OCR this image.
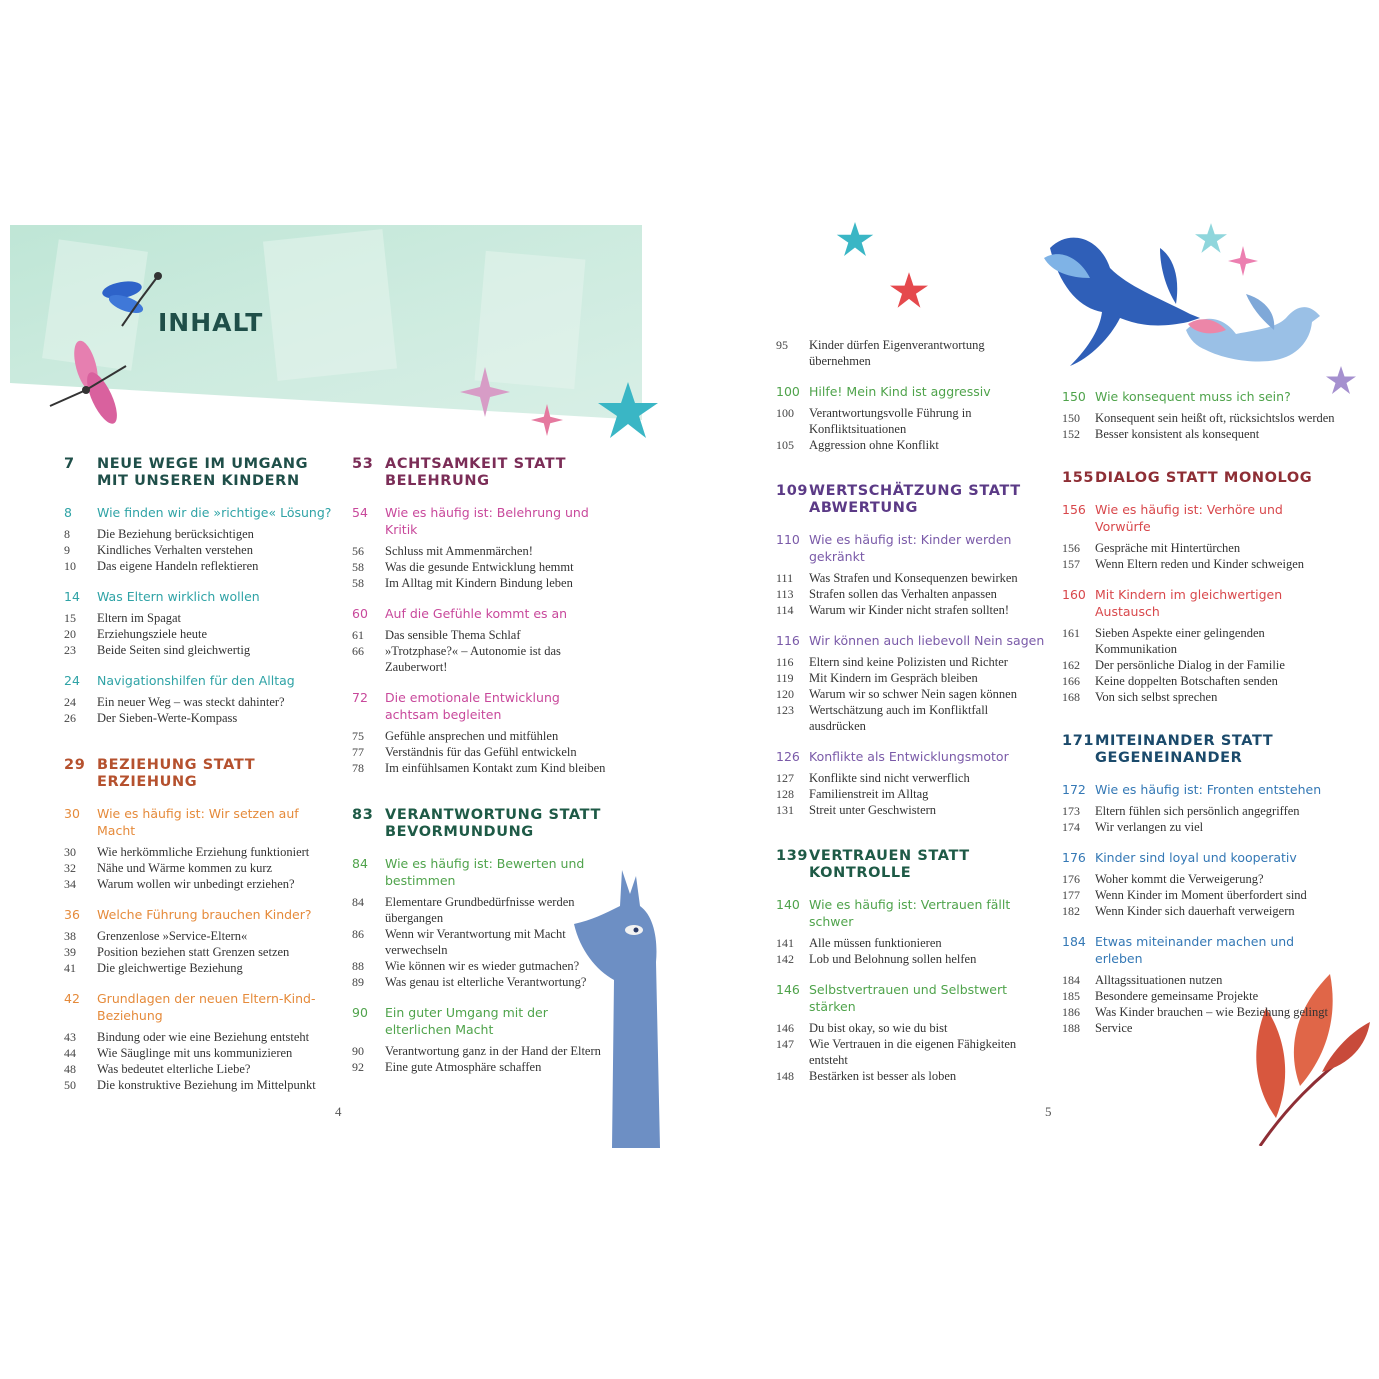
INHALT
7	NEUE WEGE IM UMGANG MIT UNSEREN KINDERN
8	Wie finden wir die »richtige« Lösung?
8	Die Beziehung berücksichtigen
9	Kindliches Verhalten verstehen
10	Das eigene Handeln reflektieren
14	Was Eltern wirklich wollen
15	Eltern im Spagat
20	Erziehungsziele heute
23	Beide Seiten sind gleichwertig
24	Navigationshilfen für den Alltag
24	Ein neuer Weg – was steckt dahinter?
26	Der Sieben-Werte-Kompass
29 BEZIEHUNG STATT ERZIEHUNG
30	Wie es häufig ist: Wir setzen auf Macht
30	Wie herkömmliche Erziehung funktioniert
32	Nähe und Wärme kommen zu kurz
34	Warum wollen wir unbedingt erziehen?
36	Welche Führung brauchen Kinder?
38	Grenzenlose »Service-Eltern«
39	Position beziehen statt Grenzen setzen
41	Die gleichwertige Beziehung
42	Grundlagen der neuen Eltern-Kind-Beziehung
43	Bindung oder wie eine Beziehung entsteht
44	Wie Säuglinge mit uns kommunizieren
48	Was bedeutet elterliche Liebe?
50	Die konstruktive Beziehung im Mittelpunkt
53 ACHTSAMKEIT STATT BELEHRUNG
54	Wie es häufig ist: Belehrung und Kritik
56	Schluss mit Ammenmärchen!
58	Was die gesunde Entwicklung hemmt
58	Im Alltag mit Kindern Bindung leben
60	Auf die Gefühle kommt es an
61	Das sensible Thema Schlaf
66	»Trotzphase?« – Autonomie ist das Zauberwort!
72	Die emotionale Entwicklung achtsam begleiten
75	Gefühle ansprechen und mitfühlen
77	Verständnis für das Gefühl entwickeln
78	Im einfühlsamen Kontakt zum Kind bleiben
83 VERANTWORTUNG STATT BEVORMUNDUNG
84	Wie es häufig ist: Bewerten und bestimmen
84	Elementare Grundbedürfnisse werden übergangen
86	Wenn wir Verantwortung mit Macht verwechseln
88	Wie können wir es wieder gutmachen?
89	Was genau ist elterliche Verantwortung?
90	Ein guter Umgang mit der elterlichen Macht
90	Verantwortung ganz in der Hand der Eltern
92	Eine gute Atmosphäre schaffen
95	Kinder dürfen Eigenverantwortung übernehmen
100 Hilfe! Mein Kind ist aggressiv
100	Verantwortungsvolle Führung in Konfliktsituationen
105	Aggression ohne Konflikt
109 WERTSCHÄTZUNG STATT ABWERTUNG
110 Wie es häufig ist: Kinder werden gekränkt
111	Was Strafen und Konsequenzen bewirken
113	Strafen sollen das Verhalten anpassen
114	Warum wir Kinder nicht strafen sollten!
116 Wir können auch liebevoll Nein sagen
116	Eltern sind keine Polizisten und Richter
119	Mit Kindern im Gespräch bleiben
120	Warum wir so schwer Nein sagen können
123	Wertschätzung auch im Konfliktfall ausdrücken
126 Konflikte als Entwicklungsmotor
127	Konflikte sind nicht verwerflich
128	Familienstreit im Alltag
131	Streit unter Geschwistern
139 VERTRAUEN STATT KONTROLLE
140 Wie es häufig ist: Vertrauen fällt schwer
141	Alle müssen funktionieren
142	Lob und Belohnung sollen helfen
146 Selbstvertrauen und Selbstwert stärken
146	Du bist okay, so wie du bist
147	Wie Vertrauen in die eigenen Fähigkeiten entsteht
148	Bestärken ist besser als loben
150 Wie konsequent muss ich sein?
150	Konsequent sein heißt oft, rücksichtslos werden
152	Besser konsistent als konsequent
155 DIALOG STATT MONOLOG
156 Wie es häufig ist: Verhöre und Vorwürfe
156	Gespräche mit Hintertürchen
157	Wenn Eltern reden und Kinder schweigen
160 Mit Kindern im gleichwertigen Austausch
161	Sieben Aspekte einer gelingenden Kommunikation
162	Der persönliche Dialog in der Familie
166	Keine doppelten Botschaften senden
168	Von sich selbst sprechen
171 MITEINANDER STATT GEGENEINANDER
172 Wie es häufig ist: Fronten entstehen
173	Eltern fühlen sich persönlich angegriffen
174	Wir verlangen zu viel
176 Kinder sind loyal und kooperativ
176	Woher kommt die Verweigerung?
177	Wenn Kinder im Moment überfordert sind
182	Wenn Kinder sich dauerhaft verweigern
184 Etwas miteinander machen und erleben
184	Alltagssituationen nutzen
185	Besondere gemeinsame Projekte
186	Was Kinder brauchen – wie Beziehung gelingt
188	Service
4	5
